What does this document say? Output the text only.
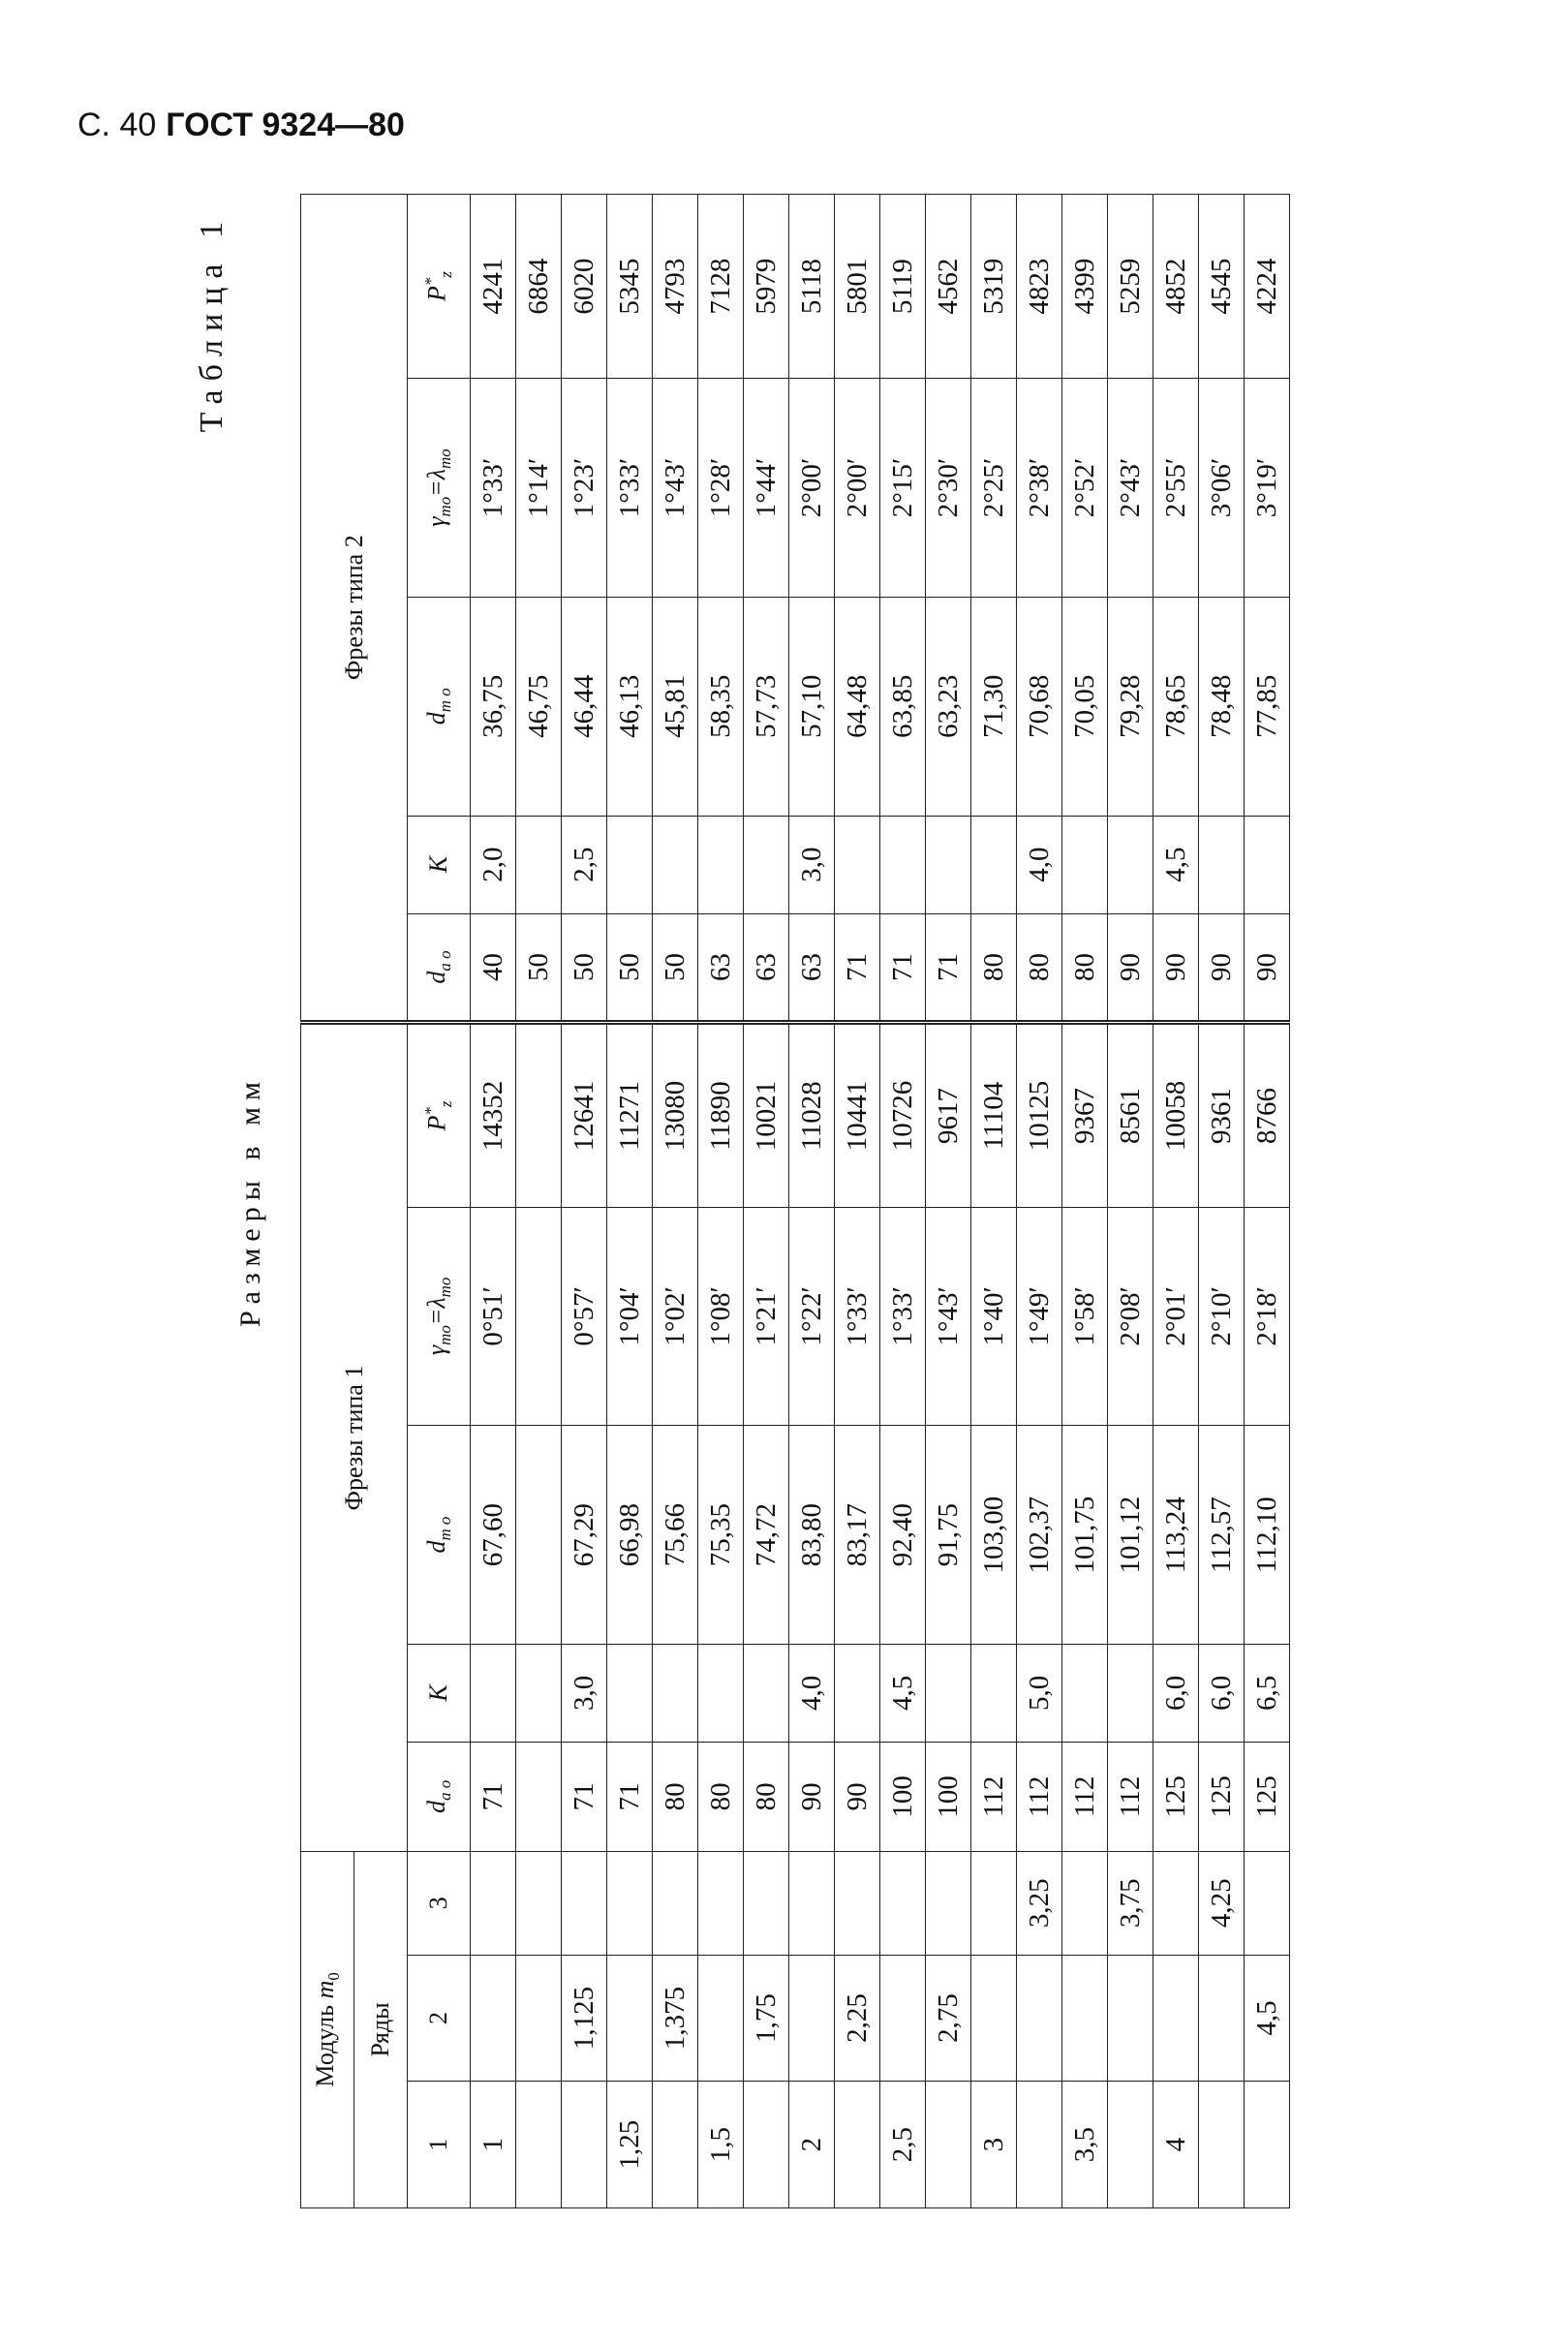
С. 40 ГОСТ 9324—80
Таблица 1
Размеры в мм
Модуль $m_0$			Фрезы типа 1					Фрезы типа 2				
Ряды												
1	2	3	$d_{a o}$	K	$d_{m o}$	$\gamma_{mo}=\lambda_{mo}$	$P^*_z$	$d_{a o}$	K	$d_{m o}$	$\gamma_{mo}=\lambda_{mo}$	$P^*_z$
1			71		67,60	0°51′	14352	40	2,0	36,75	1°33′	4241
								50		46,75	1°14′	6864
	1,125		71	3,0	67,29	0°57′	12641	50	2,5	46,44	1°23′	6020
1,25			71		66,98	1°04′	11271	50		46,13	1°33′	5345
	1,375		80		75,66	1°02′	13080	50		45,81	1°43′	4793
1,5			80		75,35	1°08′	11890	63		58,35	1°28′	7128
	1,75		80		74,72	1°21′	10021	63		57,73	1°44′	5979
2			90	4,0	83,80	1°22′	11028	63	3,0	57,10	2°00′	5118
	2,25		90		83,17	1°33′	10441	71		64,48	2°00′	5801
2,5			100	4,5	92,40	1°33′	10726	71		63,85	2°15′	5119
	2,75		100		91,75	1°43′	9617	71		63,23	2°30′	4562
3			112		103,00	1°40′	11104	80		71,30	2°25′	5319
		3,25	112	5,0	102,37	1°49′	10125	80	4,0	70,68	2°38′	4823
3,5			112		101,75	1°58′	9367	80		70,05	2°52′	4399
		3,75	112		101,12	2°08′	8561	90		79,28	2°43′	5259
4			125	6,0	113,24	2°01′	10058	90	4,5	78,65	2°55′	4852
		4,25	125	6,0	112,57	2°10′	9361	90		78,48	3°06′	4545
	4,5		125	6,5	112,10	2°18′	8766	90		77,85	3°19′	4224
